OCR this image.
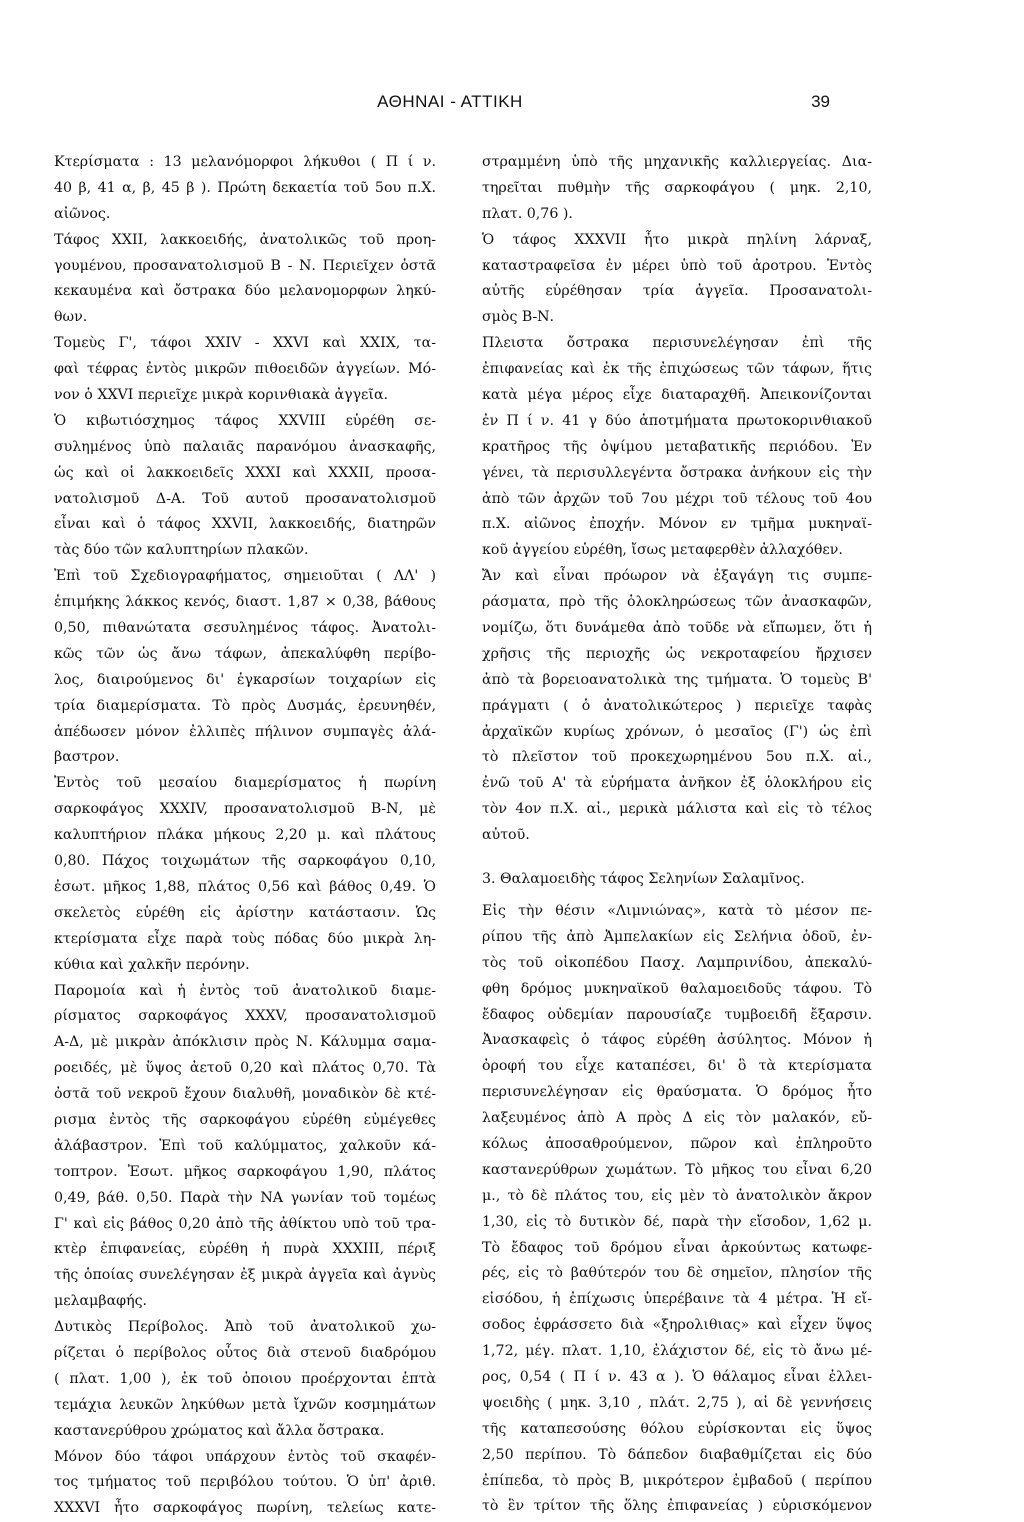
ΑΘΗΝΑΙ - ΑΤΤΙΚΗ	39
Κτερίσματα : 13 μελανόμορφοι λήκυθοι ( Π ί ν.
40 β, 41 α, β, 45 β ). Πρώτη δεκαετία τοῦ 5ου π.Χ.
αἰῶνος.
Τάφος XXII, λακκοειδής, ἀνατολικῶς τοῦ προη-
γουμένου, προσανατολισμοῦ Β - Ν. Περιεῖχεν ὀστᾶ
κεκαυμένα καὶ ὄστρακα δύο μελανομορφων ληκύ-
θων.
Τομεὺς Γ', τάφοι XXIV - XXVI καὶ XXIX, τα-
φαὶ τέφρας ἐντὸς μικρῶν πιθοειδῶν ἀγγείων. Μό-
νον ὁ XXVI περιεῖχε μικρὰ κορινθιακὰ ἀγγεῖα.
Ὁ κιβωτιόσχημος τάφος XXVIII εὑρέθη σε-
συλημένος ὑπὸ παλαιᾶς παρανόμου ἀνασκαφῆς,
ὡς καὶ οἱ λακκοειδεῖς XXXI καὶ XXXII, προσα-
νατολισμοῦ Δ-Α. Τοῦ αυτοῦ προσανατολισμοῦ
εἶναι καὶ ὁ τάφος XXVII, λακκοειδής, διατηρῶν
τὰς δύο τῶν καλυπτηρίων πλακῶν.
Ἐπὶ τοῦ Σχεδιογραφήματος, σημειοῦται ( ΛΛ' )
ἐπιμήκης λάκκος κενός, διαστ. 1,87 × 0,38, βάθους
0,50, πιθανώτατα σεσυλημένος τάφος. Ἀνατολι-
κῶς τῶν ὡς ἄνω τάφων, ἀπεκαλύφθη περίβο-
λος, διαιρούμενος δι' ἐγκαρσίων τοιχαρίων εἰς
τρία διαμερίσματα. Τὸ πρὸς Δυσμάς, ἐρευνηθέν,
ἀπέδωσεν μόνον ἐλλιπὲς πήλινον συμπαγὲς ἀλά-
βαστρον.
Ἐντὸς τοῦ μεσαίου διαμερίσματος ἡ πωρίνη
σαρκοφάγος XXXIV, προσανατολισμοῦ Β-Ν, μὲ
καλυπτήριον πλάκα μήκους 2,20 μ. καὶ πλάτους
0,80. Πάχος τοιχωμάτων τῆς σαρκοφάγου 0,10,
ἐσωτ. μῆκος 1,88, πλάτος 0,56 καὶ βάθος 0,49. Ὁ
σκελετὸς εὑρέθη εἰς ἀρίστην κατάστασιν. Ὡς
κτερίσματα εἶχε παρὰ τοὺς πόδας δύο μικρὰ λη-
κύθια καὶ χαλκῆν περόνην.
Παρομοία καὶ ἡ ἐντὸς τοῦ ἀνατολικοῦ διαμε-
ρίσματος σαρκοφάγος XXXV, προσανατολισμοῦ
Α-Δ, μὲ μικρὰν ἀπόκλισιν πρὸς Ν. Κάλυμμα σαμα-
ροειδές, μὲ ὕψος ἀετοῦ 0,20 καὶ πλάτος 0,70. Τὰ
ὀστᾶ τοῦ νεκροῦ ἔχουν διαλυθῆ, μοναδικὸν δὲ κτέ-
ρισμα ἐντὸς τῆς σαρκοφάγου εὑρέθη εὐμέγεθες
ἀλάβαστρον. Ἐπὶ τοῦ καλύμματος, χαλκοῦν κά-
τοπτρον. Ἐσωτ. μῆκος σαρκοφάγου 1,90, πλάτος
0,49, βάθ. 0,50. Παρὰ τὴν ΝΑ γωνίαν τοῦ τομέως
Γ' καὶ εἰς βάθος 0,20 ἀπὸ τῆς ἀθίκτου υπὸ τοῦ τρα-
κτὲρ ἐπιφανείας, εὑρέθη ἡ πυρὰ XXXIII, πέριξ
τῆς ὁποίας συνελέγησαν ἐξ μικρὰ ἀγγεῖα καὶ ἀγνὺς
μελαμβαφής.
Δυτικὸς Περίβολος. Ἀπὸ τοῦ ἀνατολικοῦ χω-
ρίζεται ὁ περίβολος οὗτος διὰ στενοῦ διαδρόμου
( πλατ. 1,00 ), ἐκ τοῦ ὁποιου προέρχονται ἑπτὰ
τεμάχια λευκῶν ληκύθων μετὰ ἴχνῶν κοσμημάτων
καστανερύθρου χρώματος καὶ ἄλλα ὄστρακα.
Μόνον δύο τάφοι υπάρχουν ἐντὸς τοῦ σκαφέν-
τος τμήματος τοῦ περιβόλου τούτου. Ὁ ὑπ' ἀριθ.
XXXVI ἦτο σαρκοφάγος πωρίνη, τελείως κατε-
στραμμένη ὑπὸ τῆς μηχανικῆς καλλιεργείας. Δια-
τηρεῖται πυθμὴν τῆς σαρκοφάγου ( μηκ. 2,10,
πλατ. 0,76 ).
Ὁ τάφος XXXVII ἦτο μικρὰ πηλίνη λάρναξ,
καταστραφεῖσα ἐν μέρει ὑπὸ τοῦ ἀροτρου. Ἐντὸς
αὐτῆς εὑρέθησαν τρία ἀγγεῖα. Προσανατολι-
σμὸς Β-Ν.
Πλειστα ὄστρακα περισυνελέγησαν ἐπὶ τῆς
ἐπιφανείας καὶ ἐκ τῆς ἐπιχώσεως τῶν τάφων, ἥτις
κατὰ μέγα μέρος εἶχε διαταραχθῆ. Ἀπεικονίζονται
ἐν Π ί ν. 41 γ δύο ἀποτμήματα πρωτοκορινθιακοῦ
κρατῆρος τῆς ὀψίμου μεταβατικῆς περιόδου. Ἐν
γένει, τὰ περισυλλεγέντα ὄστρακα ἀνήκουν εἰς τὴν
ἀπὸ τῶν ἀρχῶν τοῦ 7ου μέχρι τοῦ τέλους τοῦ 4ου
π.Χ. αἰῶνος ἐποχήν. Μόνον εν τμῆμα μυκηναϊ-
κοῦ ἀγγείου εὑρέθη, ἴσως μεταφερθὲν ἀλλαχόθεν.
Ἄν καὶ εἶναι πρόωρον νὰ ἐξαγάγη τις συμπε-
ράσματα, πρὸ τῆς ὁλοκληρώσεως τῶν ἀνασκαφῶν,
νομίζω, ὅτι δυνάμεθα ἀπὸ τοῦδε νὰ εἴπωμεν, ὅτι ἡ
χρῆσις τῆς περιοχῆς ὡς νεκροταφείου ἤρχισεν
ἀπὸ τὰ βορειοανατολικὰ της τμήματα. Ὁ τομεὺς Β'
πράγματι ( ὁ ἀνατολικώτερος ) περιεῖχε ταφὰς
ἀρχαϊκῶν κυρίως χρόνων, ὁ μεσαῖος (Γ') ὡς ἐπὶ
τὸ πλεῖστον τοῦ προκεχωρημένου 5ου π.Χ. αἰ.,
ἐνῶ τοῦ Α' τὰ εὑρήματα ἀνῆκον ἐξ ὁλοκλήρου εἰς
τὸν 4ον π.Χ. αἰ., μερικὰ μάλιστα καὶ εἰς τὸ τέλος
αὐτοῦ.
3. Θαλαμοειδὴς τάφος Σεληνίων Σαλαμῖνος.
Εἰς τὴν θέσιν «Λιμνιώνας», κατὰ τὸ μέσον πε-
ρίπου τῆς ἀπὸ Ἀμπελακίων εἰς Σελήνια ὁδοῦ, ἐν-
τὸς τοῦ οἰκοπέδου Πασχ. Λαμπρινίδου, ἀπεκαλύ-
φθη δρόμος μυκηναϊκοῦ θαλαμοειδοῦς τάφου. Τὸ
ἔδαφος οὐδεμίαν παρουσίαζε τυμβοειδῆ ἔξαρσιν.
Ἀνασκαφεὶς ὁ τάφος εὑρέθη ἀσύλητος. Μόνον ἡ
ὀροφή του εἶχε καταπέσει, δι' ὃ τὰ κτερίσματα
περισυνελέγησαν εἰς θραύσματα. Ὁ δρόμος ἦτο
λαξευμένος ἀπὸ Α πρὸς Δ εἰς τὸν μαλακόν, εὔ-
κόλως ἀποσαθρούμενον, πῶρον καὶ ἐπληροῦτο
καστανερύθρων χωμάτων. Τὸ μῆκος του εἶναι 6,20
μ., τὸ δὲ πλάτος του, εἰς μὲν τὸ ἀνατολικὸν ἄκρον
1,30, εἰς τὸ δυτικὸν δέ, παρὰ τὴν εἴσοδον, 1,62 μ.
Τὸ ἔδαφος τοῦ δρόμου εἶναι ἀρκούντως κατωφε-
ρές, εἰς τὸ βαθύτερόν του δὲ σημεῖον, πλησίον τῆς
εἰσόδου, ἡ ἐπίχωσις ὑπερέβαινε τὰ 4 μέτρα. Ἡ εἴ-
σοδος ἐφράσσετο διὰ «ξηρολιθιας» καὶ εἶχεν ὕψος
1,72, μέγ. πλατ. 1,10, ἐλάχιστον δέ, εἰς τὸ ἄνω μέ-
ρος, 0,54 ( Π ί ν. 43 α ). Ὁ θάλαμος εἶναι ἐλλει-
ψοειδὴς ( μηκ. 3,10 , πλάτ. 2,75 ), αἱ δὲ γεννήσεις
τῆς καταπεσούσης θόλου εὑρίσκονται εἰς ὕψος
2,50 περίπου. Τὸ δάπεδον διαβαθμίζεται εἰς δύο
ἐπίπεδα, τὸ πρὸς Β, μικρότερον ἐμβαδοῦ ( περίπου
τὸ ἓν τρίτον τῆς ὅλης ἐπιφανείας ) εὑρισκόμενον
